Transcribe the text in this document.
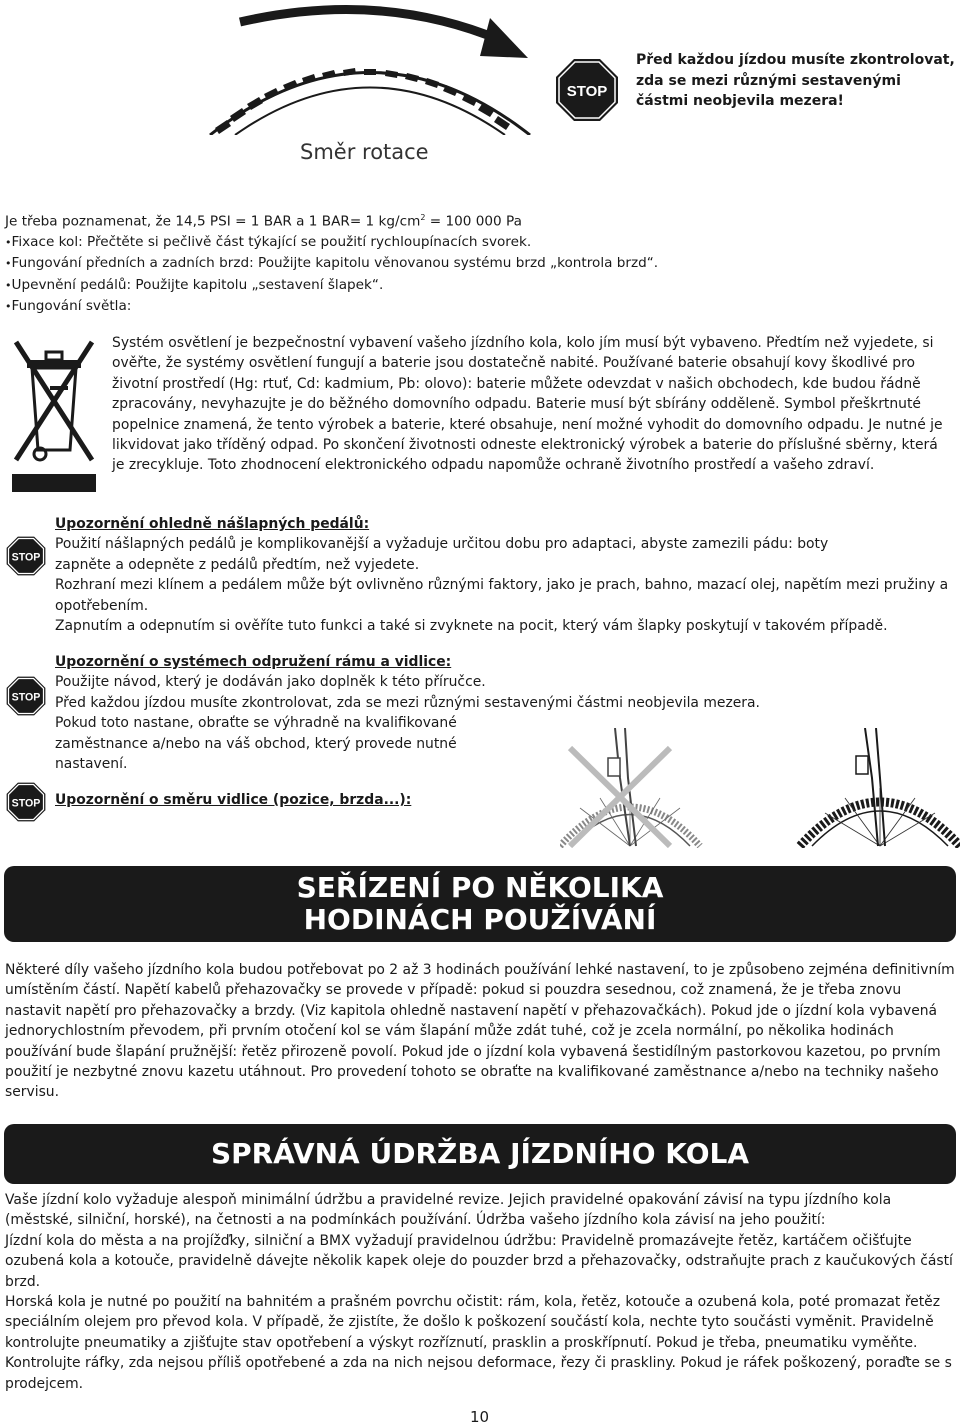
Směr rotace
STOP
Před každou jízdou musíte zkontrolovat, zda se mezi různými sestavenými částmi neobjevila mezera!

Je třeba poznamenat, že 14,5 PSI = 1 BAR a 1 BAR= 1 $kg/cm^2 = 100$ 000 Pa

• Fixace kol: Přečtěte si pečlivě část týkající se použití rychloupínacích svorek.
• Fungování předních a zadních brzd: Použijte kapitolu věnovanou systému brzd „kontrola brzd“.
• Upevnění pedálů: Použijte kapitolu „sestavení šlapek“.
• Fungování světla:
Systém osvětlení je bezpečnostní vybavení vašeho jízdního kola, kolo jím musí být vybaveno. Předtím než vyjedete, si ověřte, že systémy osvětlení fungují a baterie jsou dostatečně nabité. Používané baterie obsahují kovy škodlivé pro životní prostředí (Hg: rtuť, Cd: kadmium, Pb: olovo): baterie můžete odevzdat v našich obchodech, kde budou řádně zpracovány, nevyhazujte je do běžného domovního odpadu. Baterie musí být sbírány odděleně. Symbol přeškrtnuté popelnice znamená, že tento výrobek a baterie, které obsahuje, není možné vyhodit do domovního odpadu. Je nutné je likvidovat jako tříděný odpad. Po skončení životnosti odneste elektronický výrobek a baterie do příslušné sběrny, která je zrecykluje. Toto zhodnocení elektronického odpadu napomůže ochraně životního prostředí a vašeho zdraví.
STOP

Upozornění ohledně nášlapných pedálů:

Použití nášlapných pedálů je komplikovanější a vyžaduje určitou dobu pro adaptaci, abyste zamezili pádu: boty zapněte a odepněte z pedálů předtím, než vyjedete.

Rozhraní mezi klínem a pedálem může být ovlivněno různými faktory, jako je prach, bahno, mazací olej, napětím mezi pružiny a opotřebením.

Zapnutím a odepnutím si ověříte tuto funkci a také si zvyknete na pocit, který vám šlapky poskytují v takovém případě.

STOP

Upozornění o systémech odpružení rámu a vidlice:

Použijte návod, který je dodáván jako doplněk k této příručce.

Před každou jízdou musíte zkontrolovat, zda se mezi různými sestavenými částmi neobjevila mezera.

Pokud toto nastane, obraťte se výhradně na kvalifikované zaměstnance a/nebo na váš obchod, který provede nutné nastavení.

STOP Upozornění o směru vidlice (pozice, brzda...):
SEŘÍZENÍ PO NĚKOLIKA
HODINÁCH POUŽÍVÁNÍ
Některé díly vašeho jízdního kola budou potřebovat po 2 až 3 hodinách používání lehké nastavení, to je způsobeno zejména definitivním umístěním částí. Napětí kabelů přehazovačky se provede v případě: pokud si pouzdra sesednou, což znamená, že je třeba znovu nastavit napětí pro přehazovačky a brzdy. (Viz kapitola ohledně nastavení napětí v přehazovačkách). Pokud jde o jízdní kola vybavená jednorychlostním převodem, při prvním otočení kol se vám šlapání může zdát tuhé, což je zcela normální, po několika hodinách používání bude šlapání pružnější: řetěz přirozeně povolí. Pokud jde o jízdní kola vybavená šestidílným pastorkovou kazetou, po prvním použití je nezbytné znovu kazetu utáhnout. Pro provedení tohoto se obraťte na kvalifikované zaměstnance a/nebo na techniky našeho servisu.
SPRÁVNÁ ÚDRŽBA JÍZDNÍHO KOLA

Vaše jízdní kolo vyžaduje alespoň minimální údržbu a pravidelné revize. Jejich pravidelné opakování závisí na typu jízdního kola (městské, silniční, horské), na četnosti a na podmínkách používání. Údržba vašeho jízdního kola závisí na jeho použití:

Jízdní kola do města a na projížďky, silniční a BMX vyžadují pravidelnou údržbu: Pravidelně promazávejte řetěz, kartáčem očišťujte ozubená kola a kotouče, pravidelně dávejte několik kapek oleje do pouzder brzd a přehazovačky, odstraňujte prach z kaučukových částí brzd.

Horská kola je nutné po použití na bahnitém a prašném povrchu očistit: rám, kola, řetěz, kotouče a ozubená kola, poté promazat řetěz speciálním olejem pro převod kola. V případě, že zjistíte, že došlo k poškození součástí kola, nechte tyto součásti vyměnit. Pravidelně kontrolujte pneumatiky a zjišťujte stav opotřebení a výskyt rozříznutí, prasklin a proskřípnutí. Pokud je třeba, pneumatiku vyměňte. Kontrolujte ráfky, zda nejsou příliš opotřebené a zda na nich nejsou deformace, řezy či praskliny. Pokud je ráfek poškozený, poraďte se s prodejcem.

10
